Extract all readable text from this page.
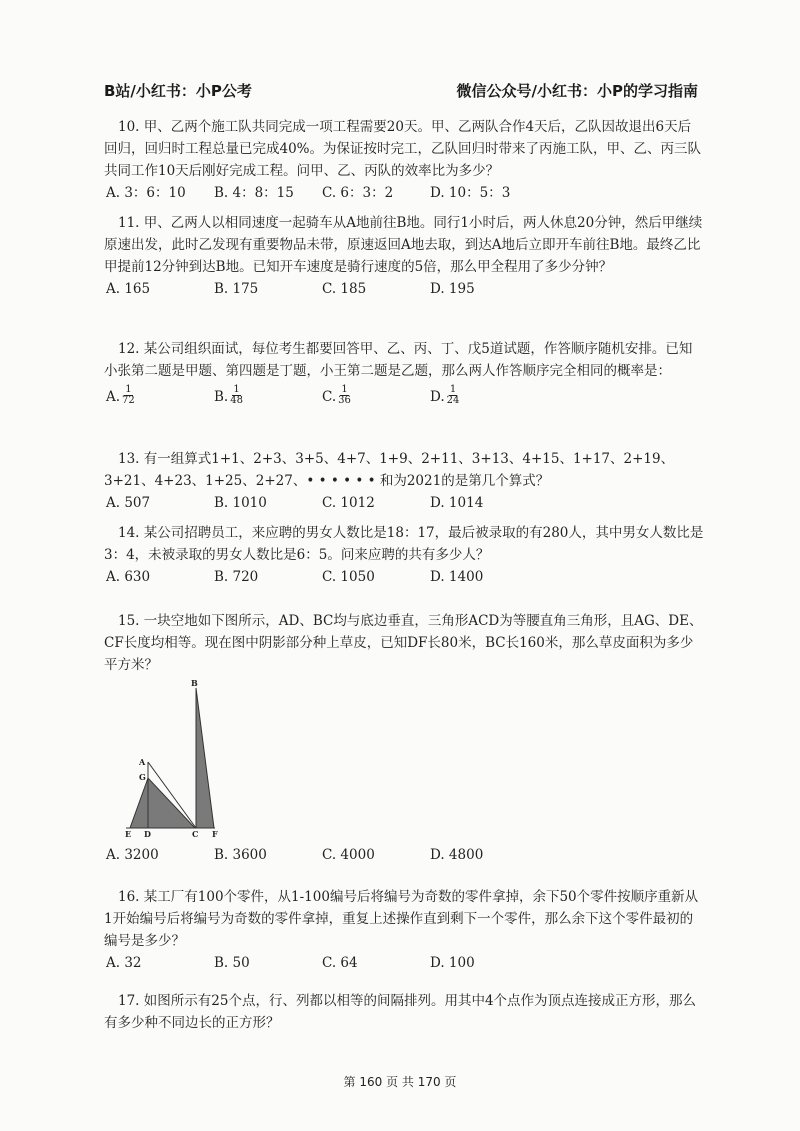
B站/小红书：小P公考	微信公众号/小红书：小P的学习指南

10. 甲、乙两个施工队共同完成一项工程需要20天。甲、乙两队合作4天后，乙队因故退出6天后回归，回归时工程总量已完成40%。为保证按时完工，乙队回归时带来了丙施工队，甲、乙、丙三队共同工作10天后刚好完成工程。问甲、乙、丙队的效率比为多少？

A. 3：6：10	B. 4：8：15	C. 6：3：2	D. 10：5：3

11. 甲、乙两人以相同速度一起骑车从A地前往B地。同行1小时后，两人休息20分钟，然后甲继续原速出发，此时乙发现有重要物品未带，原速返回A地去取，到达A地后立即开车前往B地。最终乙比甲提前12分钟到达B地。已知开车速度是骑行速度的5倍，那么甲全程用了多少分钟？

A. 165	B. 175	C. 185	D. 195

12. 某公司组织面试，每位考生都要回答甲、乙、丙、丁、戊5道试题，作答顺序随机安排。已知小张第二题是甲题、第四题是丁题，小王第二题是乙题，那么两人作答顺序完全相同的概率是：

A. $\frac{1}{72}$	B. $\frac{1}{48}$	C. $\frac{1}{36}$	D. $\frac{1}{24}$

13. 有一组算式1+1、2+3、3+5、4+7、1+9、2+11、3+13、4+15、1+17、2+19、3+21、4+23、1+25、2+27、• • • • • • 和为2021的是第几个算式？

A. 507	B. 1010	C. 1012	D. 1014

14. 某公司招聘员工，来应聘的男女人数比是18：17，最后被录取的有280人，其中男女人数比是3：4，未被录取的男女人数比是6：5。问来应聘的共有多少人？

A. 630	B. 720	C. 1050	D. 1400

15. 一块空地如下图所示，AD、BC均与底边垂直，三角形ACD为等腰直角三角形，且AG、DE、CF长度均相等。现在图中阴影部分种上草皮，已知DF长80米，BC长160米，那么草皮面积为多少平方米？

B
A
G
E D	C F
A. 3200	B. 3600	C. 4000	D. 4800

16. 某工厂有100个零件，从1-100编号后将编号为奇数的零件拿掉，余下50个零件按顺序重新从1开始编号后将编号为奇数的零件拿掉，重复上述操作直到剩下一个零件，那么余下这个零件最初的编号是多少？

A. 32	B. 50	C. 64	D. 100

17. 如图所示有25个点，行、列都以相等的间隔排列。用其中4个点作为顶点连接成正方形，那么有多少种不同边长的正方形？

第 160 页 共 170 页
